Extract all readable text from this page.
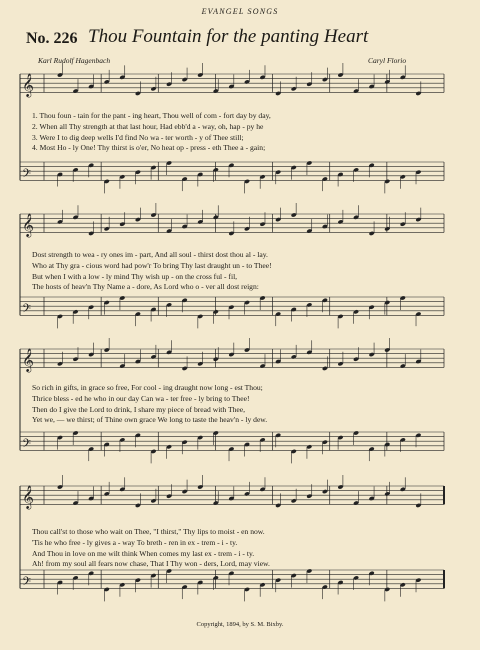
EVANGEL SONGS
No. 226 Thou Fountain for the panting Heart
Karl Rudolf Hagenbach	Caryl Florio
𝄞
𝄢
𝄞
𝄢
𝄞
𝄢
𝄞
𝄢
1. Thou foun - tain for the pant - ing heart, Thou well of com - fort day by day,
2. When all Thy strength at that last hour, Had ebb'd a - way, oh, hap - py he
3. Were I to dig deep wells I'd find No wa - ter worth - y of Thee still;
4. Most Ho - ly One! Thy thirst is o'er, No heat op - press - eth Thee a - gain;
Dost strength to wea - ry ones im - part, And all soul - thirst dost thou al - lay.
Who at Thy gra - cious word had pow'r To bring Thy last draught un - to Thee!
But when I with a low - ly mind Thy wish up - on the cross ful - fil,
The hosts of heav'n Thy Name a - dore, As Lord who o - ver all dost reign:
So rich in gifts, in grace so free, For cool - ing draught now long - est Thou;
Thrice bless - ed he who in our day Can wa - ter free - ly bring to Thee!
Then do I give the Lord to drink, I share my piece of bread with Thee,
Yet we, — we thirst; of Thine own grace We long to taste the heav'n - ly dew.
Thou call'st to those who wait on Thee, "I thirst," Thy lips to moist - en now.
'Tis he who free - ly gives a - way To breth - ren in ex - trem - i - ty.
And Thou in love on me wilt think When comes my last ex - trem - i - ty.
Ah! from my soul all fears now chase, That I Thy won - ders, Lord, may view.
Copyright, 1894, by S. M. Bixby.
